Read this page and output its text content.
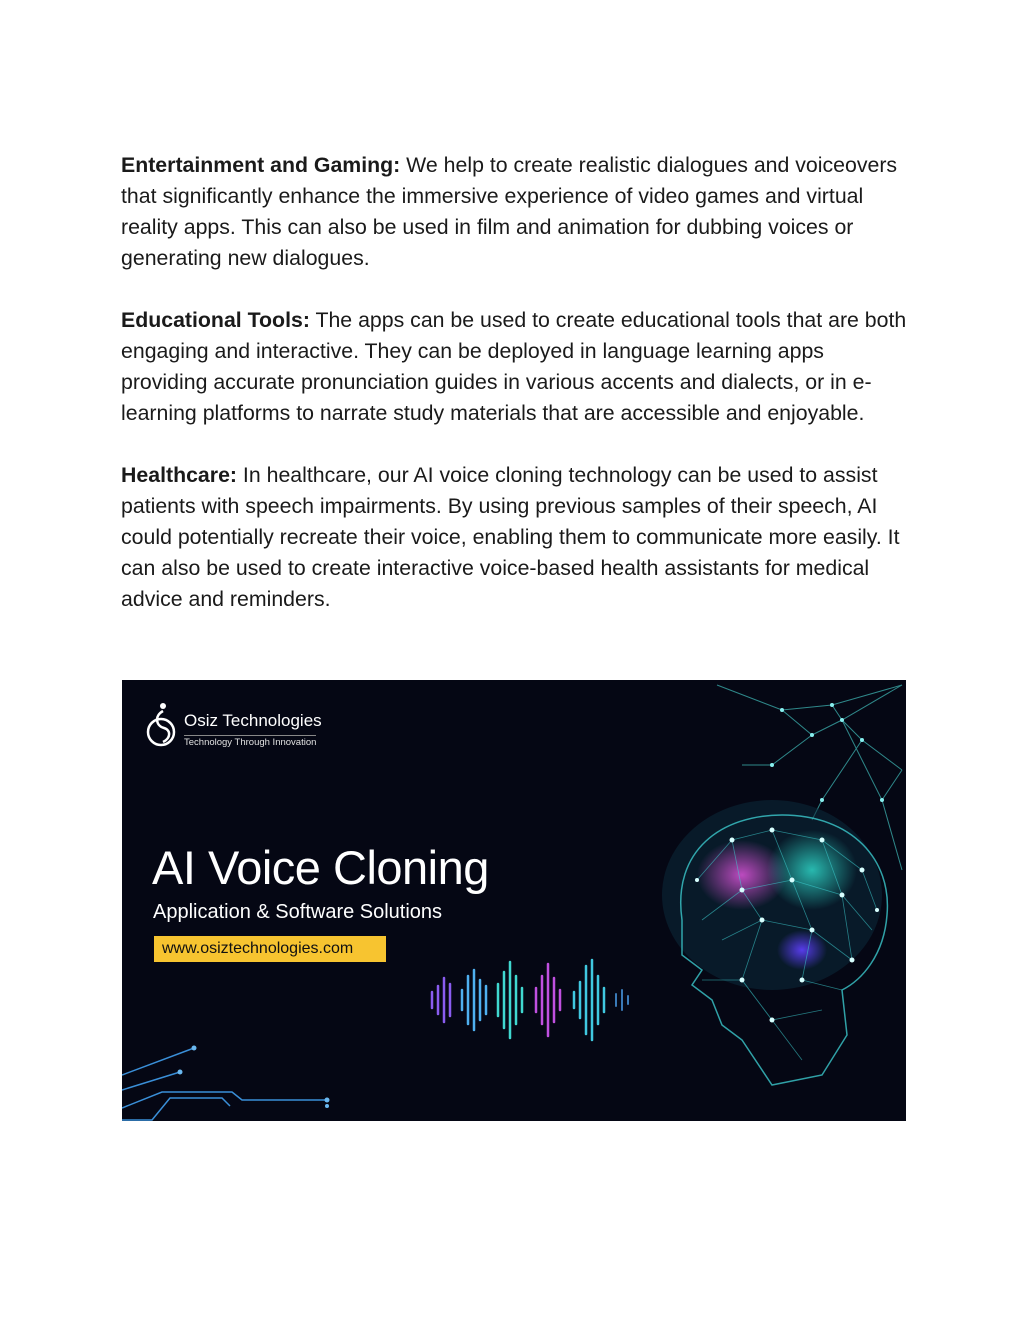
Entertainment and Gaming: We help to create realistic dialogues and voiceovers that significantly enhance the immersive experience of video games and virtual reality apps. This can also be used in film and animation for dubbing voices or generating new dialogues.

Educational Tools: The apps can be used to create educational tools that are both engaging and interactive. They can be deployed in language learning apps providing accurate pronunciation guides in various accents and dialects, or in e-learning platforms to narrate study materials that are accessible and enjoyable.

Healthcare: In healthcare, our AI voice cloning technology can be used to assist patients with speech impairments. By using previous samples of their speech, AI could potentially recreate their voice, enabling them to communicate more easily. It can also be used to create interactive voice-based health assistants for medical advice and reminders.

Osiz Technologies
Technology Through Innovation
AI Voice Cloning
Application & Software Solutions
www.osiztechnologies.com
